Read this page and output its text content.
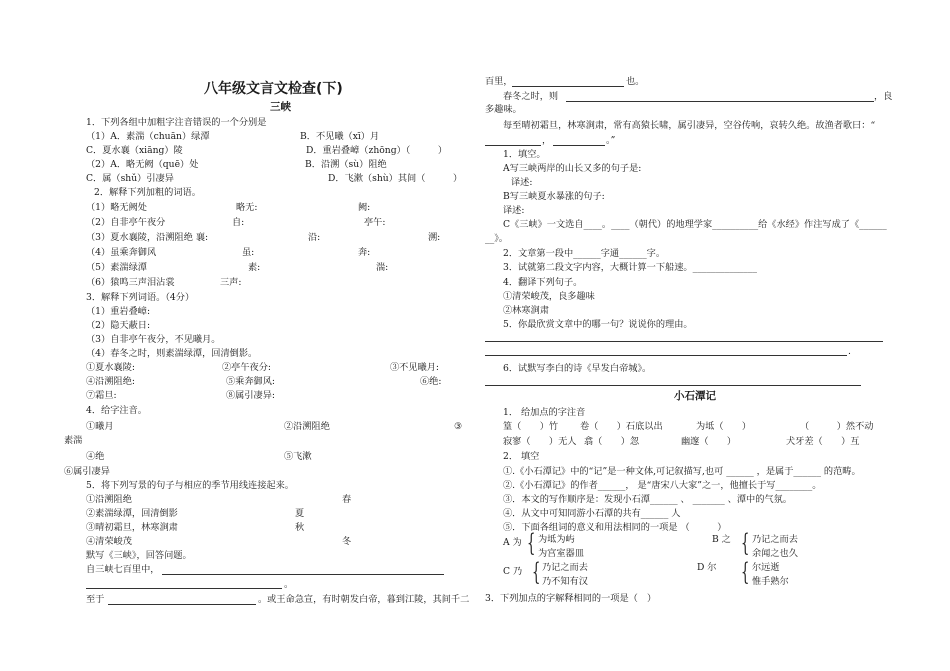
八年级文言文检查(下)
三峡
1．下列各组中加粗字注音错误的一个分别是
（1）A．素湍（chuān）绿潭	B．不见曦（xī）月
C．夏水襄（xiāng）陵	D．重岩叠嶂（zhōng）（　　　）
（2）A．略无阙（quē）处	B．沿溯（sù）阻绝
C．属（shǔ）引凄异	D．飞漱（shù）其间（　　　）
2．解释下列加粗的词语。
（1）略无阙处	略无:	阙:
（2）自非亭午夜分	自:	亭午:
（3）夏水襄陵，沿溯阻绝 襄:	沿:	溯:
（4）虽乘奔御风	虽:	奔:
（5）素湍绿潭	素:	湍:
（6）猿鸣三声泪沾裳	三声:
3．解释下列词语。（4分）
（1）重岩叠嶂:
（2）隐天蔽日:
（3）自非亭午夜分，不见曦月。
（4）春冬之时，则素湍绿潭，回清倒影。
①夏水襄陵:	②亭午夜分:	③不见曦月:
④沿溯阻绝:	⑤乘奔御风:	⑥绝:
⑦霜旦:	⑧属引凄异:
4．给字注音。
①曦月	②沿溯阻绝	③
素湍
④绝	⑤飞漱
⑥属引凄异
5．将下列写景的句子与相应的季节用线连接起来。
①沿溯阻绝	春
②素湍绿潭，回清倒影	夏
③晴初霜旦，林寒涧肃	秋
④清荣峻茂	冬
默写《三峡》，回答问题。
自三峡七百里中，
。
至于	。或王命急宣，有时朝发白帝，暮到江陵，其间千二
百里，	也。
春冬之时，则	，良
多趣味。
每至晴初霜旦，林寒涧肃，常有高猿长啸，属引凄异，空谷传响，哀转久绝。故渔者歌曰：“
，	。”
1．填空。
A写三峡两岸的山长又多的句子是:
译述:
B写三峡夏水暴涨的句子:
译述:
C《三峡》一文选自____。____（朝代）的地理学家__________给《水经》作注写成了《______
__》。
2．文章第一段中______字通______字。
3．试就第二段文字内容，大概计算一下船速。______________
4．翻译下列句子。
①清荣峻茂，良多趣味
②林寒涧肃
5．你最欣赏文章中的哪一句？说说你的理由。
.
6．试默写李白的诗《早发白帝城》。
小石潭记
1． 给加点的字注音
篁（　　）竹 卷（　　）石底以出	为坻（　　）	（　　　）然不动
寂寥（　　）无人 翕（　　）忽	幽邃（　　）	犬牙差（　　）互
2． 填空
①.《小石潭记》中的“记”是一种文体,可记叙描写,也可 ______ ，是属于______ 的范畴。
②.《小石潭记》的作者______， 是“唐宋八大家”之一，他擅长于写________。
③．本文的写作顺序是：发现小石潭______ 、 _______ 、潭中的气氛。
④．从文中可知同游小石潭的共有______ 人
⑤．下面各组词的意义和用法相同的一项是 （　　　）
A 为 { 为坻为屿
为宫室器皿
B 之 { 乃记之而去
余闻之也久
C 乃 { 乃记之而去
乃不知有汉
D 尔 { 尔远逝
惟手熟尔
3．下列加点的字解释相同的一项是（　）
